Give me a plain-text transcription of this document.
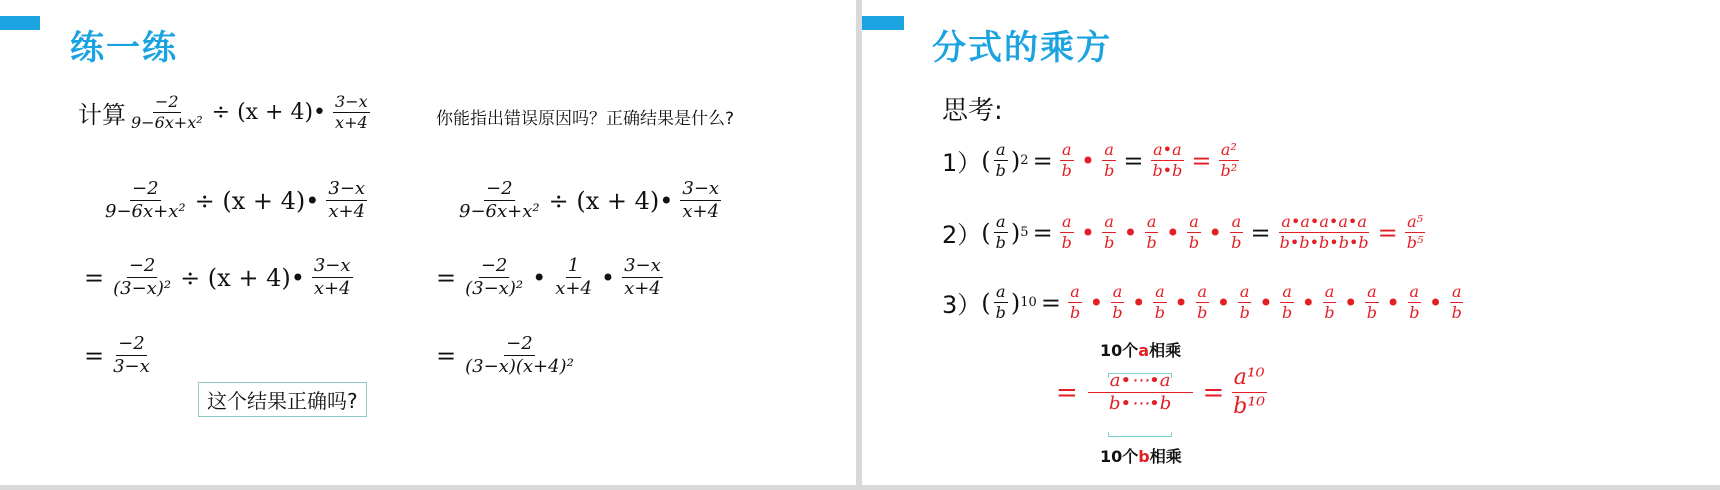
练一练
计算 $\frac{-2}{\text{9−6x+x²}} \div (x$ + 4)• $\frac{3-x}{x+4}$	你能指出错误原因吗？正确结果是什么?
$\frac{-2}{\text{9−6x+x²}} \div (x$ + 4)• $\frac{3-x}{x+4}$
= $\frac{-2}{\text{(3−x)²}} \div (x$ + 4)• $\frac{3-x}{x+4}$
= $\frac{-2}{3-x}$
这个结果正确吗?
$\frac{-2}{\text{9−6x+x²}} \div (x$ + 4)• $\frac{3-x}{x+4}$
= $\frac{-2}{\text{(3−x)²}}$ • $\frac{1}{x+4}$ • $\frac{3-x}{x+4}$
= $\frac{-2}{\text{(3−x)(x+4)²}}$
分式的乘方
思考:
1） ( $\frac{a}{b}$ ) $2 = \frac{a}{b}$ • $\frac{a}{b} = \frac{a•a}{b•b} = \frac{\text{a²}}{\text{b²}}$
2） ( $\frac{a}{b}$ ) $5 = \frac{a}{b}$ • $\frac{a}{b}$ • $\frac{a}{b}$ • $\frac{a}{b}$ • $\frac{a}{b} = \frac{a•a•a•a•a}{b•b•b•b•b} = \frac{\text{a⁵}}{\text{b⁵}}$
3） ( $\frac{a}{b}$ ) $10 = \frac{a}{b}$ • $\frac{a}{b}$ • $\frac{a}{b}$ • $\frac{a}{b}$ • $\frac{a}{b}$ • $\frac{a}{b}$ • $\frac{a}{b}$ • $\frac{a}{b}$ • $\frac{a}{b}$ • $\frac{a}{b}$
10个a相乘
= $\frac{a•\cdots•a}{b•\cdots•b} = \frac{\text{a¹⁰}}{\text{b¹⁰}}$
10个b相乘
